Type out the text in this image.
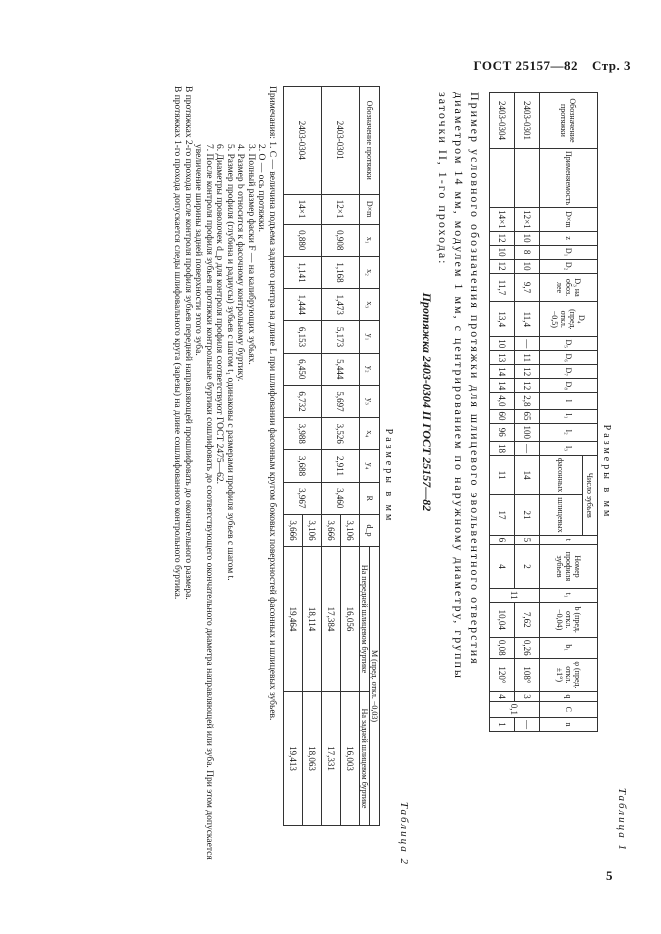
ГОСТ 25157—82 Стр. 3
Таблица 1
Размеры в мм
Обозначение протяжки	Применяемость	D×m	z	D₁	D₂	D₃ на обоз. лее	D₄ (пред. откл. −0,5)	D₅	D₆	D₇	D₈	l	l₁	l₂	l₃	Число зубьев		t	Номер профиля зубьев	t₁	b (пред. откл. −0,04)	b₁	φ (пред. откл. ±1°)	q	C	n
																фасонных	шлицевых									
2403-0301		12×1	10	8	10	9,7	11,4	—	11	12	12	2,8	65	100	—	14	21	5	2	11	7,62	0,26	108°	3	0,1	—
2403-0304		14×1	12	10	12	11,7	13,4	10	13	14	14	4,0	60	96	18	11	17	6	4		10,04	0,08	120°	4		1
Пример условного обозначения протяжки для шлицевого эвольвентного отверстия диаметром 14 мм, модулем 1 мм, с центрированием по наружному диаметру, группы заточки II, 1-го прохода:
Протяжка 2403-0304 II ГОСТ 25157—82
Таблица 2
Размеры в мм
Обозначение протяжки	D×m	x₁	x₂	x₃	y₁	y₂	y₃	x₄	y₄	R	d_p	M (пред. откл. −0,03)	
												На передней шлицевом буртике	На задней шлицевом буртике
2403-0301	12×1	0,908	1,168	1,473	5,173	5,444	5,697	3,526	2,911	3,460	3,106	16,056	16,003
											3,666	17,384	17,331
2403-0304	14×1	0,880	1,141	1,444	6,153	6,450	6,732	3,988	3,688	3,967	3,106	18,114	18,063
											3,666	19,464	19,413

Примечания: 1. C — величина подъема заднего центра на длине L при шлифовании фасонным кругом боковых поверхностей фасонных и шлицевых зубьев.

2. O — ось протяжки.

3. Полный размер фаски F — на калибрующих зубьях.

4. Размер b относится к фасочному контрольному буртику.

5. Размер профиля (глубина и радиусы) зубьев с шагом t₁ одинаковы с размерами профиля зубьев с шагом t.

6. Диаметры проволочек d_p для контроля профиля соответствуют ГОСТ 2475—62.

7. После контроля профиля зубьев протяжки контрольные буртики сошлифовать до соответствующего окончательного диаметра направляющей или зуба. При этом допускается увеличение ширины задней поверхности этого зуба.

В протяжках 2-го прохода после контроля профиля зубьев передней направляющей прошлифовать до окончательного размера.

В протяжках 1-го прохода допускается следы шлифовального круга (зарезы) на длине сошлифованного контрольного буртика.

5
